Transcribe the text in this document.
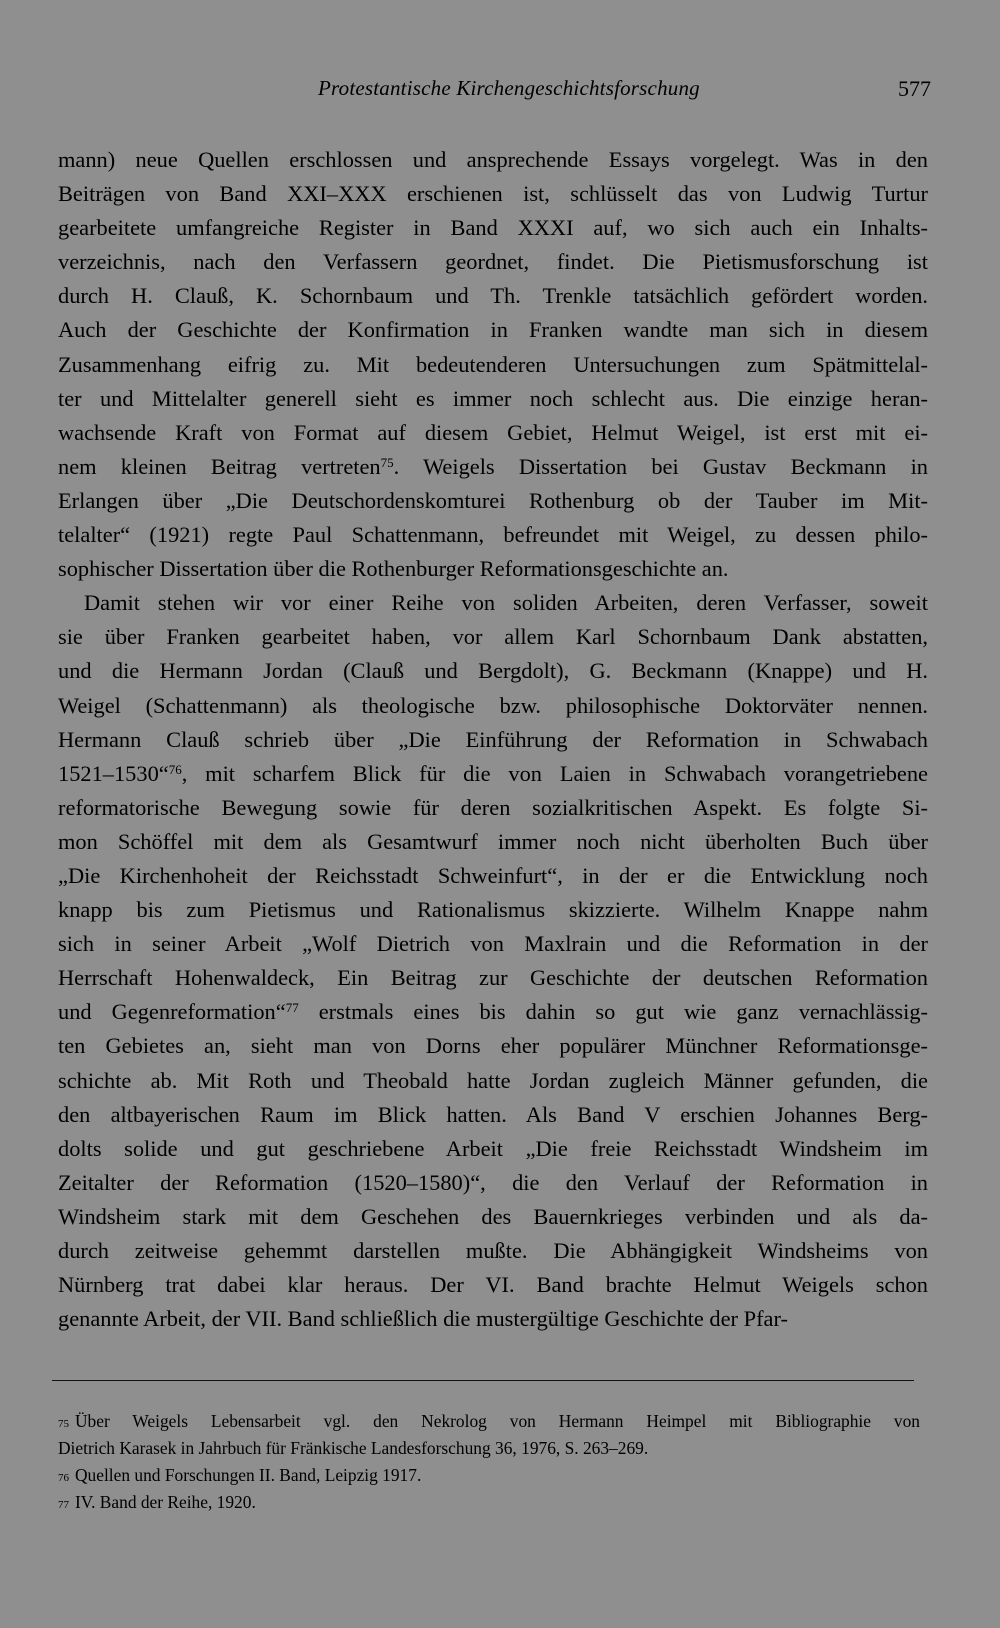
Protestantische Kirchengeschichtsforschung	577
mann) neue Quellen erschlossen und ansprechende Essays vorgelegt. Was in den
Beiträgen von Band XXI–XXX erschienen ist, schlüsselt das von Ludwig Turtur
gearbeitete umfangreiche Register in Band XXXI auf, wo sich auch ein Inhalts-
verzeichnis, nach den Verfassern geordnet, findet. Die Pietismusforschung ist
durch H. Clauß, K. Schornbaum und Th. Trenkle tatsächlich gefördert worden.
Auch der Geschichte der Konfirmation in Franken wandte man sich in diesem
Zusammenhang eifrig zu. Mit bedeutenderen Untersuchungen zum Spätmittelal-
ter und Mittelalter generell sieht es immer noch schlecht aus. Die einzige heran-
wachsende Kraft von Format auf diesem Gebiet, Helmut Weigel, ist erst mit ei-
nem kleinen Beitrag vertreten$^{75}$. Weigels Dissertation bei Gustav Beckmann in
Erlangen über „Die Deutschordenskomturei Rothenburg ob der Tauber im Mit-
telalter“ (1921) regte Paul Schattenmann, befreundet mit Weigel, zu dessen philo-
sophischer Dissertation über die Rothenburger Reformationsgeschichte an.
Damit stehen wir vor einer Reihe von soliden Arbeiten, deren Verfasser, soweit
sie über Franken gearbeitet haben, vor allem Karl Schornbaum Dank abstatten,
und die Hermann Jordan (Clauß und Bergdolt), G. Beckmann (Knappe) und H.
Weigel (Schattenmann) als theologische bzw. philosophische Doktorväter nennen.
Hermann Clauß schrieb über „Die Einführung der Reformation in Schwabach
1521–1530“$^{76}$, mit scharfem Blick für die von Laien in Schwabach vorangetriebene
reformatorische Bewegung sowie für deren sozialkritischen Aspekt. Es folgte Si-
mon Schöffel mit dem als Gesamtwurf immer noch nicht überholten Buch über
„Die Kirchenhoheit der Reichsstadt Schweinfurt“, in der er die Entwicklung noch
knapp bis zum Pietismus und Rationalismus skizzierte. Wilhelm Knappe nahm
sich in seiner Arbeit „Wolf Dietrich von Maxlrain und die Reformation in der
Herrschaft Hohenwaldeck, Ein Beitrag zur Geschichte der deutschen Reformation
und Gegenreformation“$^{77}$ erstmals eines bis dahin so gut wie ganz vernachlässig-
ten Gebietes an, sieht man von Dorns eher populärer Münchner Reformationsge-
schichte ab. Mit Roth und Theobald hatte Jordan zugleich Männer gefunden, die
den altbayerischen Raum im Blick hatten. Als Band V erschien Johannes Berg-
dolts solide und gut geschriebene Arbeit „Die freie Reichsstadt Windsheim im
Zeitalter der Reformation (1520–1580)“, die den Verlauf der Reformation in
Windsheim stark mit dem Geschehen des Bauernkrieges verbinden und als da-
durch zeitweise gehemmt darstellen mußte. Die Abhängigkeit Windsheims von
Nürnberg trat dabei klar heraus. Der VI. Band brachte Helmut Weigels schon
genannte Arbeit, der VII. Band schließlich die mustergültige Geschichte der Pfar-
$^{75}$ Über Weigels Lebensarbeit vgl. den Nekrolog von Hermann Heimpel mit Bibliographie von
Dietrich Karasek in Jahrbuch für Fränkische Landesforschung 36, 1976, S. 263–269.
$^{76}$ Quellen und Forschungen II. Band, Leipzig 1917.
$^{77}$ IV. Band der Reihe, 1920.
